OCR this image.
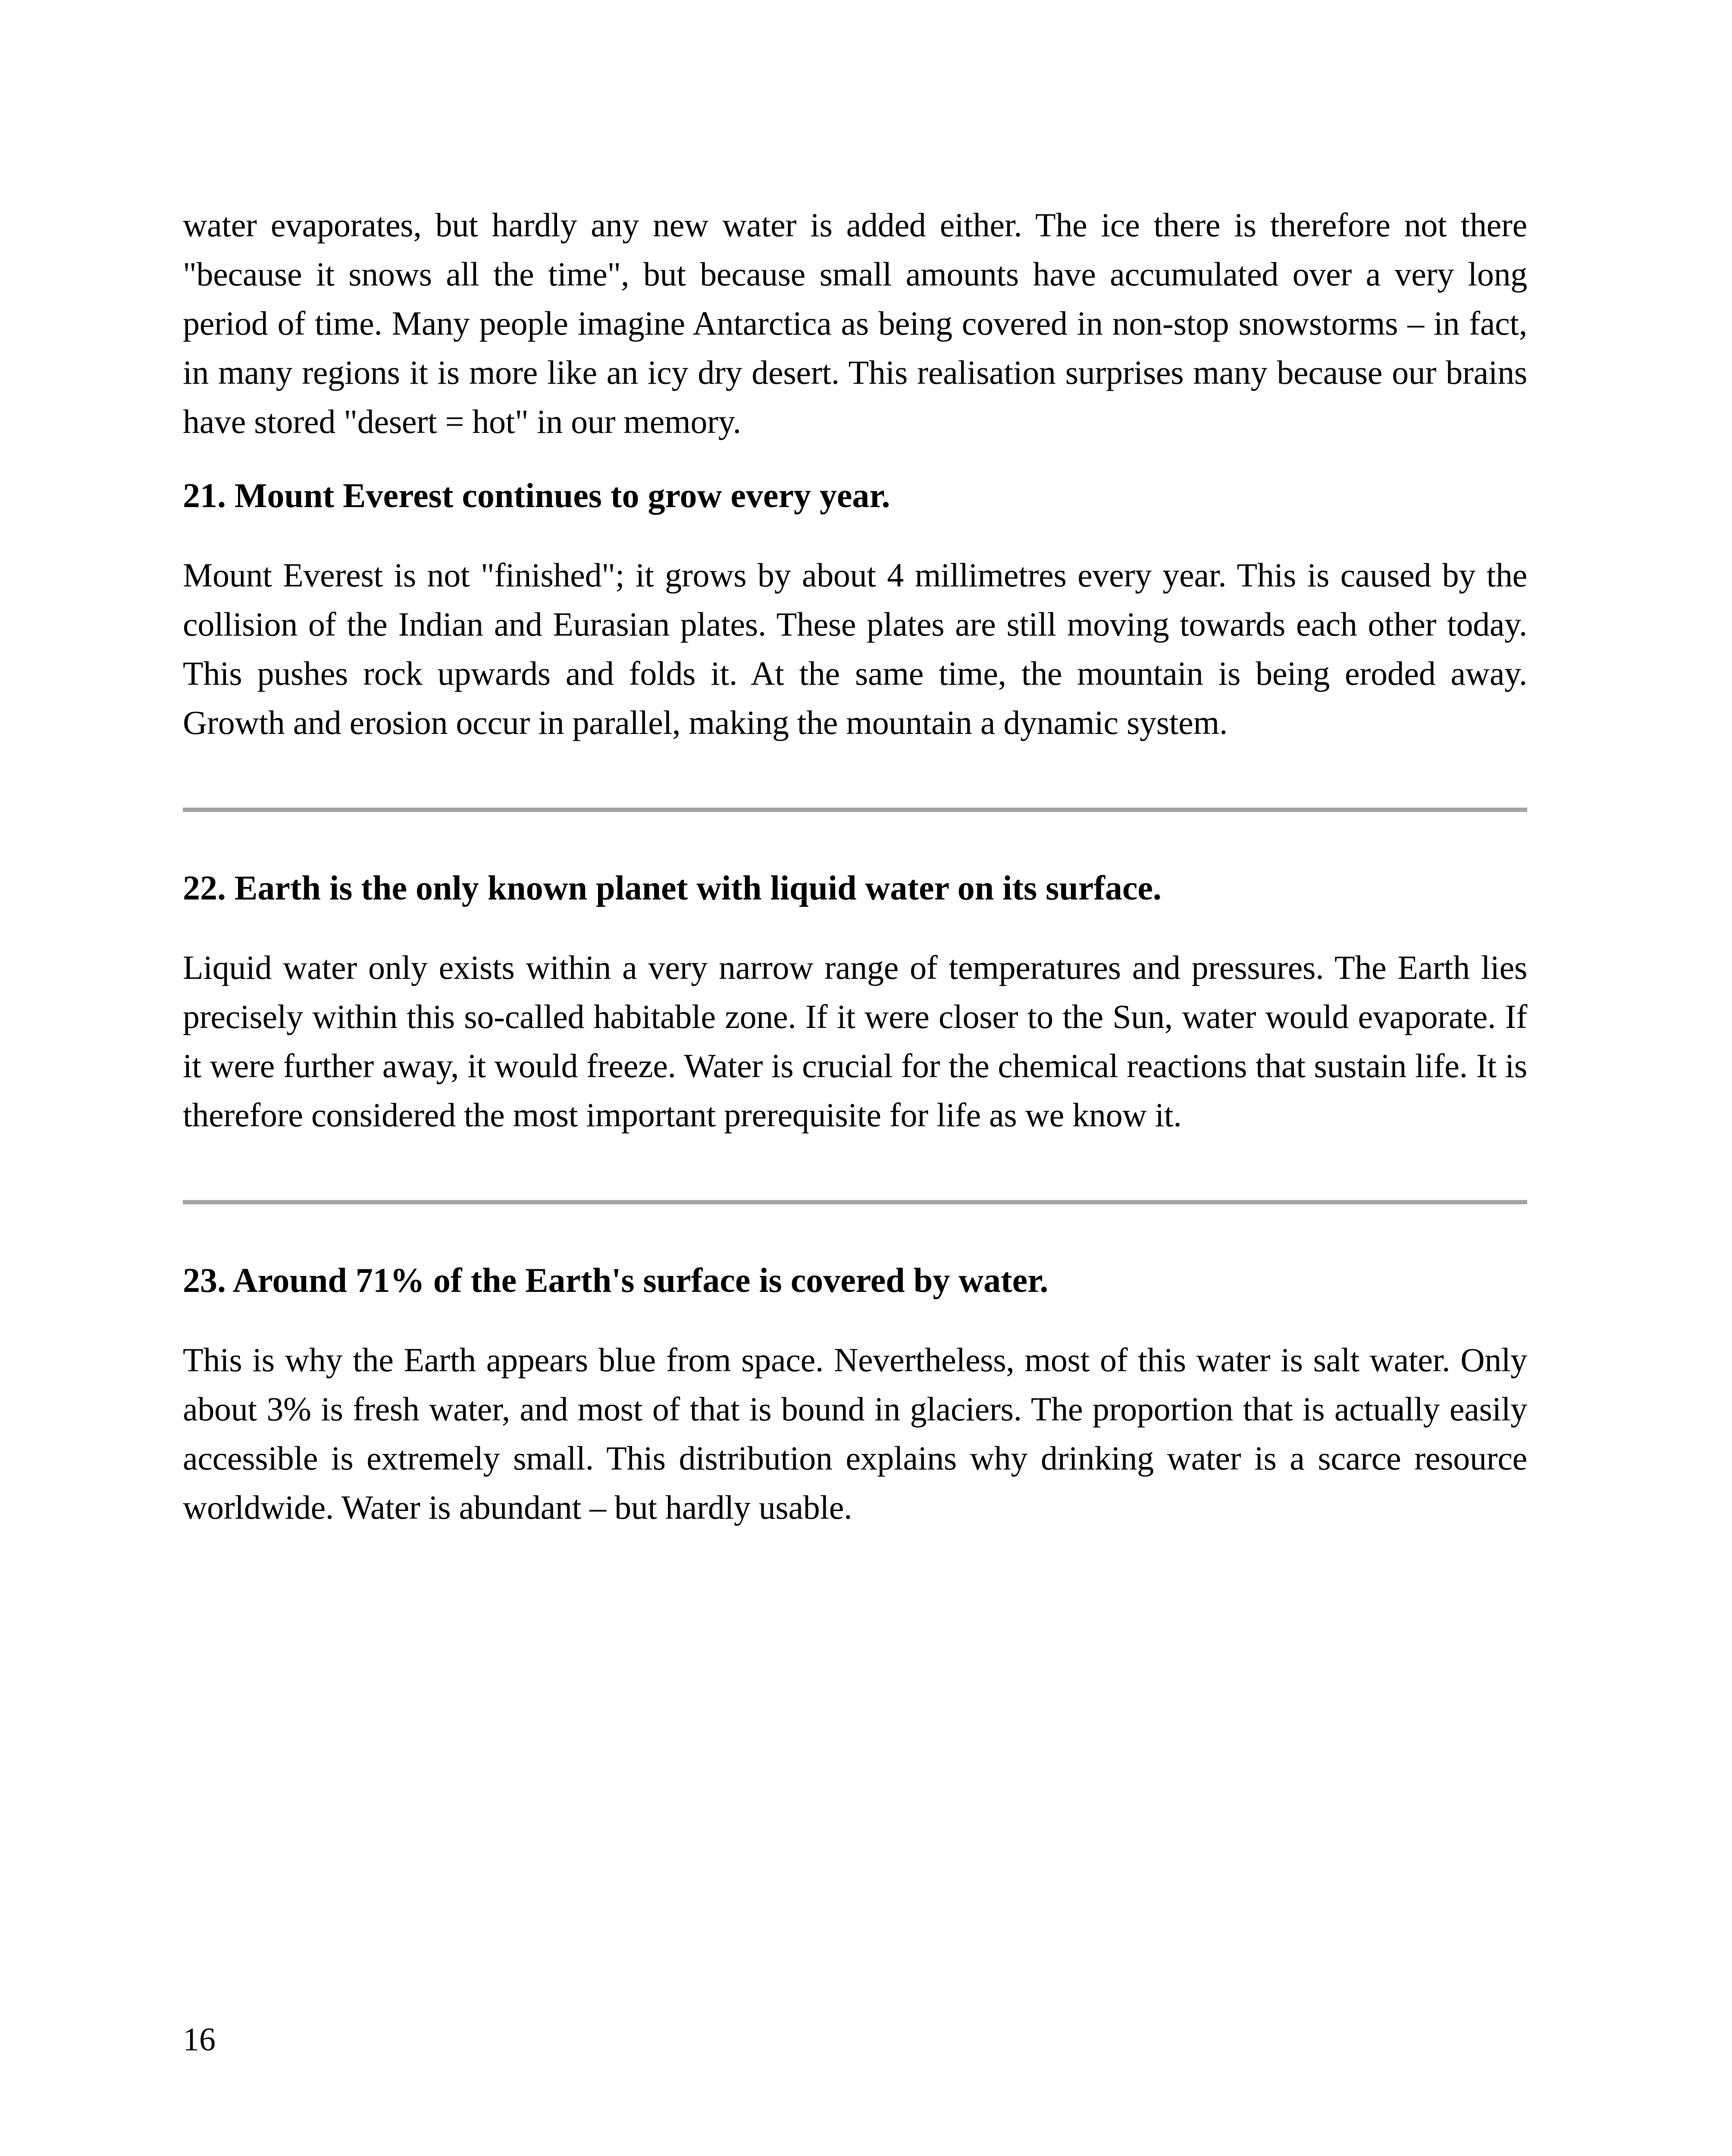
water evaporates, but hardly any new water is added either. The ice there is therefore not there "because it snows all the time", but because small amounts have accumulated over a very long period of time. Many people imagine Antarctica as being covered in non-stop snowstorms – in fact, in many regions it is more like an icy dry desert. This realisation surprises many because our brains have stored "desert = hot" in our memory.

21. Mount Everest continues to grow every year.

Mount Everest is not "finished"; it grows by about 4 millimetres every year. This is caused by the collision of the Indian and Eurasian plates. These plates are still moving towards each other today. This pushes rock upwards and folds it. At the same time, the mountain is being eroded away. Growth and erosion occur in parallel, making the mountain a dynamic system.

22. Earth is the only known planet with liquid water on its surface.

Liquid water only exists within a very narrow range of temperatures and pressures. The Earth lies precisely within this so-called habitable zone. If it were closer to the Sun, water would evaporate. If it were further away, it would freeze. Water is crucial for the chemical reactions that sustain life. It is therefore considered the most important prerequisite for life as we know it.

23. Around 71% of the Earth's surface is covered by water.

This is why the Earth appears blue from space. Nevertheless, most of this water is salt water. Only about 3% is fresh water, and most of that is bound in glaciers. The proportion that is actually easily accessible is extremely small. This distribution explains why drinking water is a scarce resource worldwide. Water is abundant – but hardly usable.

16
